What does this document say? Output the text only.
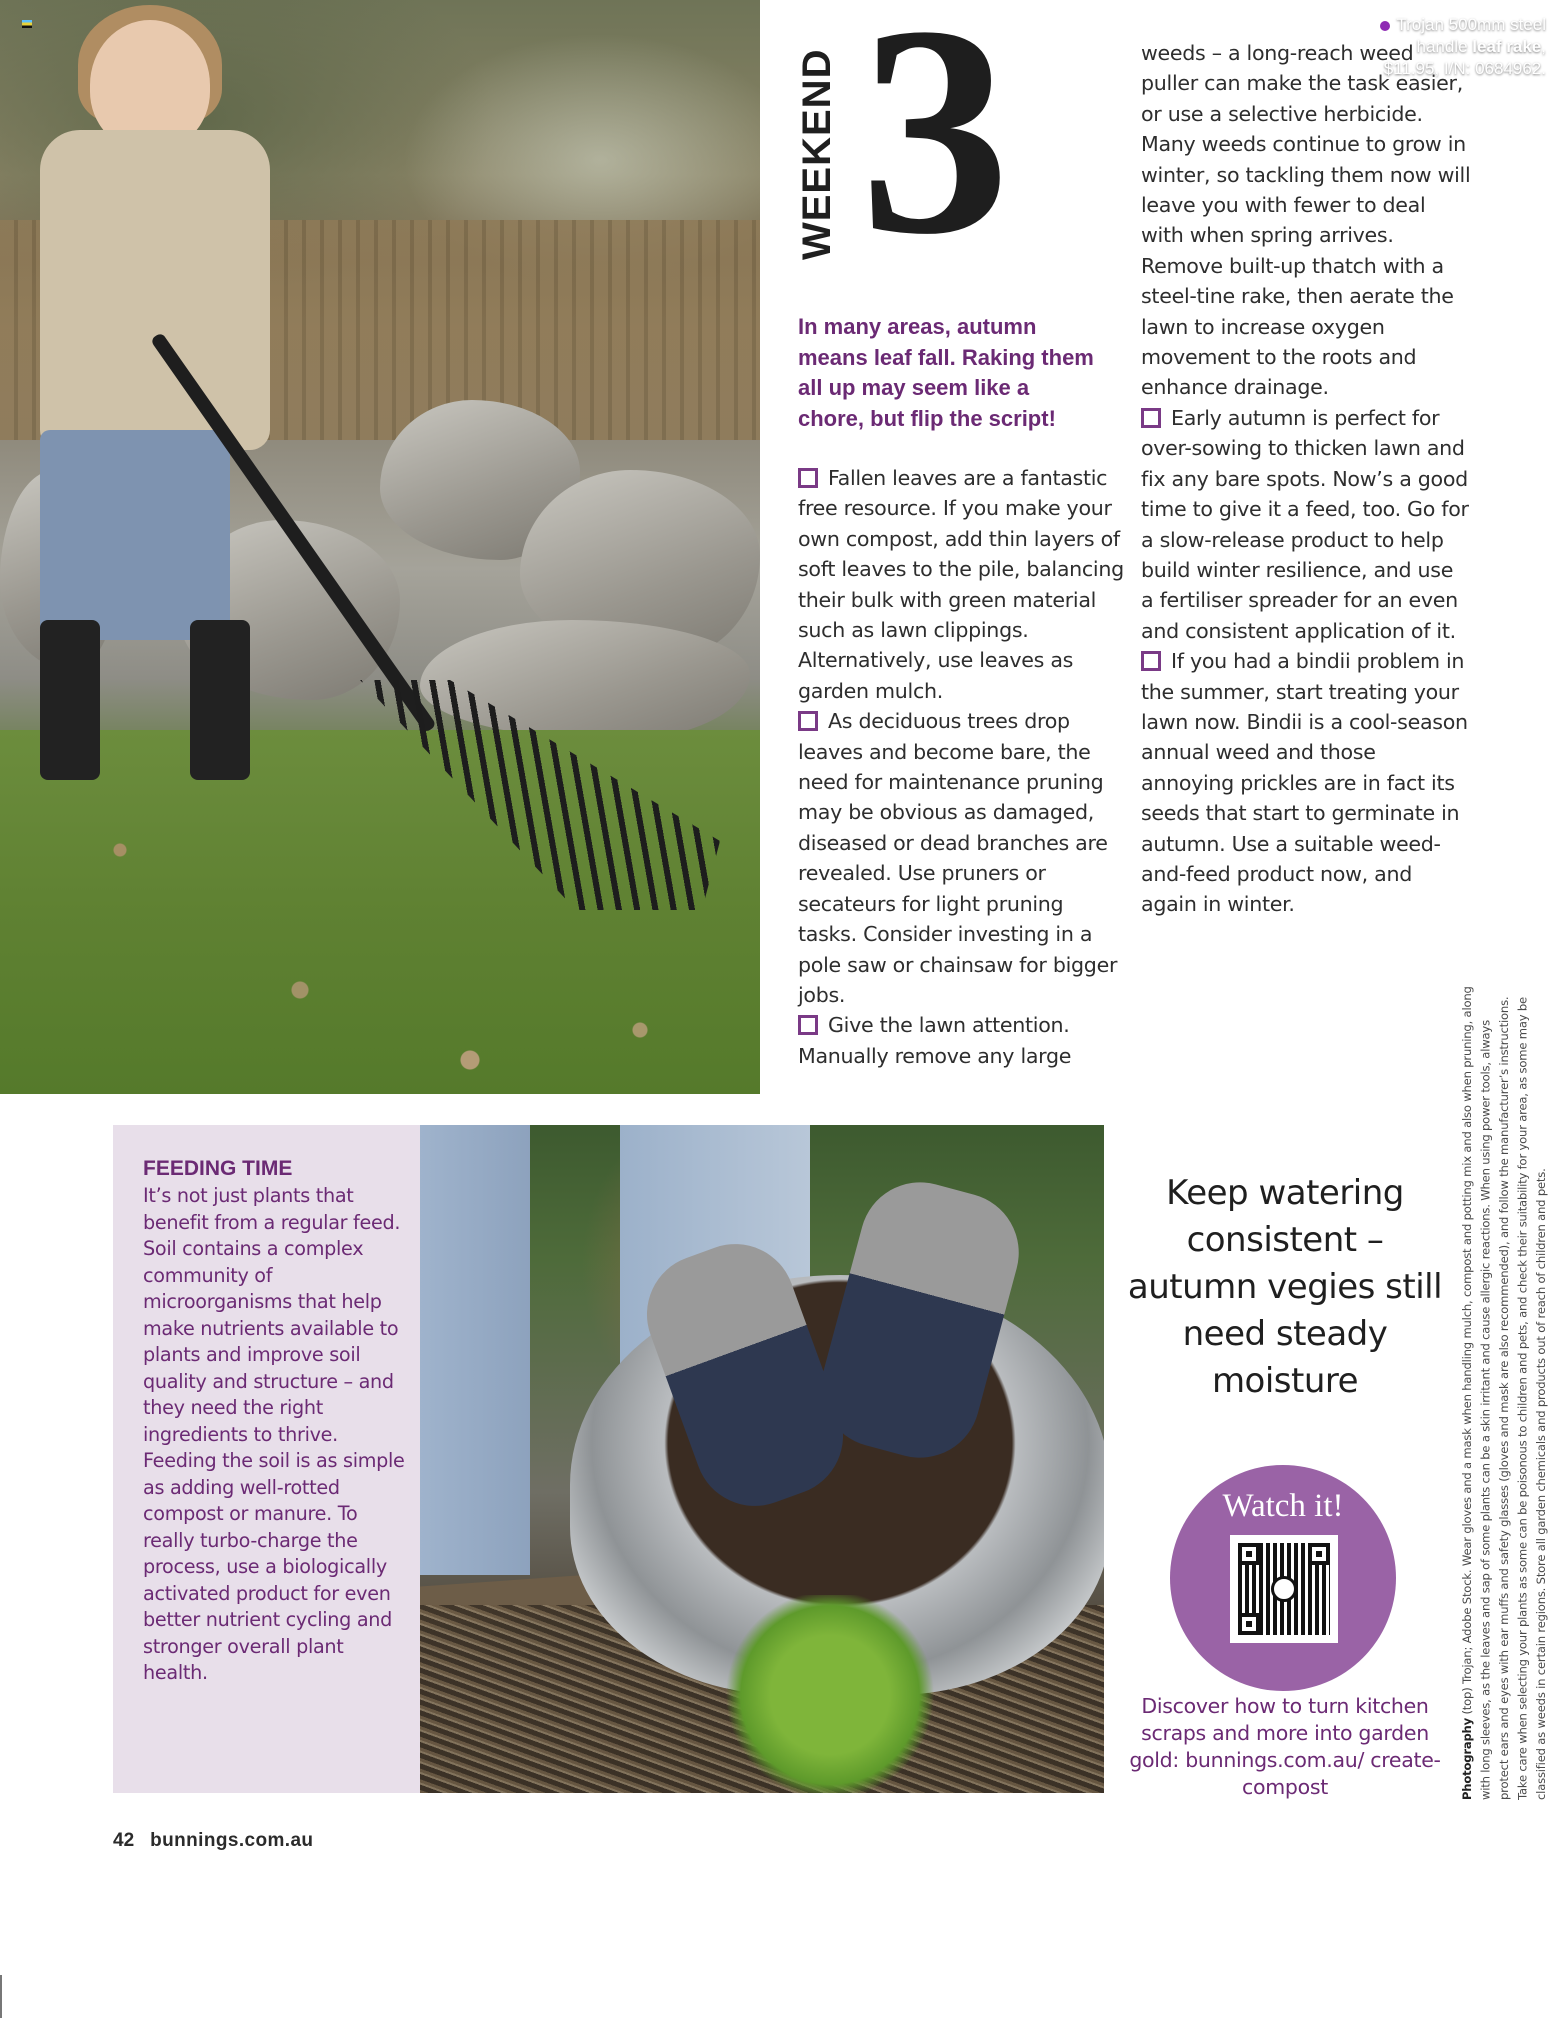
Trojan 500mm steel
handle leaf rake,
$11.95, I/N: 0684962.
WEEKEND 3
In many areas, autumn means leaf fall. Raking them all up may seem like a chore, but flip the script!

Fallen leaves are a fantastic free resource. If you make your own compost, add thin layers of soft leaves to the pile, balancing their bulk with green material such as lawn clippings. Alternatively, use leaves as garden mulch.

As deciduous trees drop leaves and become bare, the need for maintenance pruning may be obvious as damaged, diseased or dead branches are revealed. Use pruners or secateurs for light pruning tasks. Consider investing in a pole saw or chainsaw for bigger jobs.

Give the lawn attention. Manually remove any large

weeds – a long-reach weed puller can make the task easier, or use a selective herbicide. Many weeds continue to grow in winter, so tackling them now will leave you with fewer to deal with when spring arrives. Remove built-up thatch with a steel-tine rake, then aerate the lawn to increase oxygen movement to the roots and enhance drainage.

Early autumn is perfect for over-sowing to thicken lawn and fix any bare spots. Now’s a good time to give it a feed, too. Go for a slow-release product to help build winter resilience, and use a fertiliser spreader for an even and consistent application of it.

If you had a bindii problem in the summer, start treating your lawn now. Bindii is a cool-season annual weed and those annoying prickles are in fact its seeds that start to germinate in autumn. Use a suitable weed-and-feed product now, and again in winter.

FEEDING TIME
It’s not just plants that benefit from a regular feed. Soil contains a complex community of microorganisms that help make nutrients available to plants and improve soil quality and structure – and they need the right ingredients to thrive. Feeding the soil is as simple as adding well-rotted compost or manure. To really turbo-charge the process, use a biologically activated product for even better nutrient cycling and stronger overall plant health.
Keep watering consistent – autumn vegies still need steady moisture
Watch it!
Discover how to turn kitchen scraps and more into garden gold: bunnings.com.au/ create-compost	Photography (top) Trojan; Adobe Stock. Wear gloves and a mask when handling mulch, compost and potting mix and also when pruning, along with long sleeves, as the leaves and sap of some plants can be a skin irritant and cause allergic reactions. When using power tools, always protect ears and eyes with ear muffs and safety glasses (gloves and mask are also recommended), and follow the manufacturer’s instructions. Take care when selecting your plants as some can be poisonous to children and pets, and check their suitability for your area, as some may be classified as weeds in certain regions. Store all garden chemicals and products out of reach of children and pets.
42 bunnings.com.au
